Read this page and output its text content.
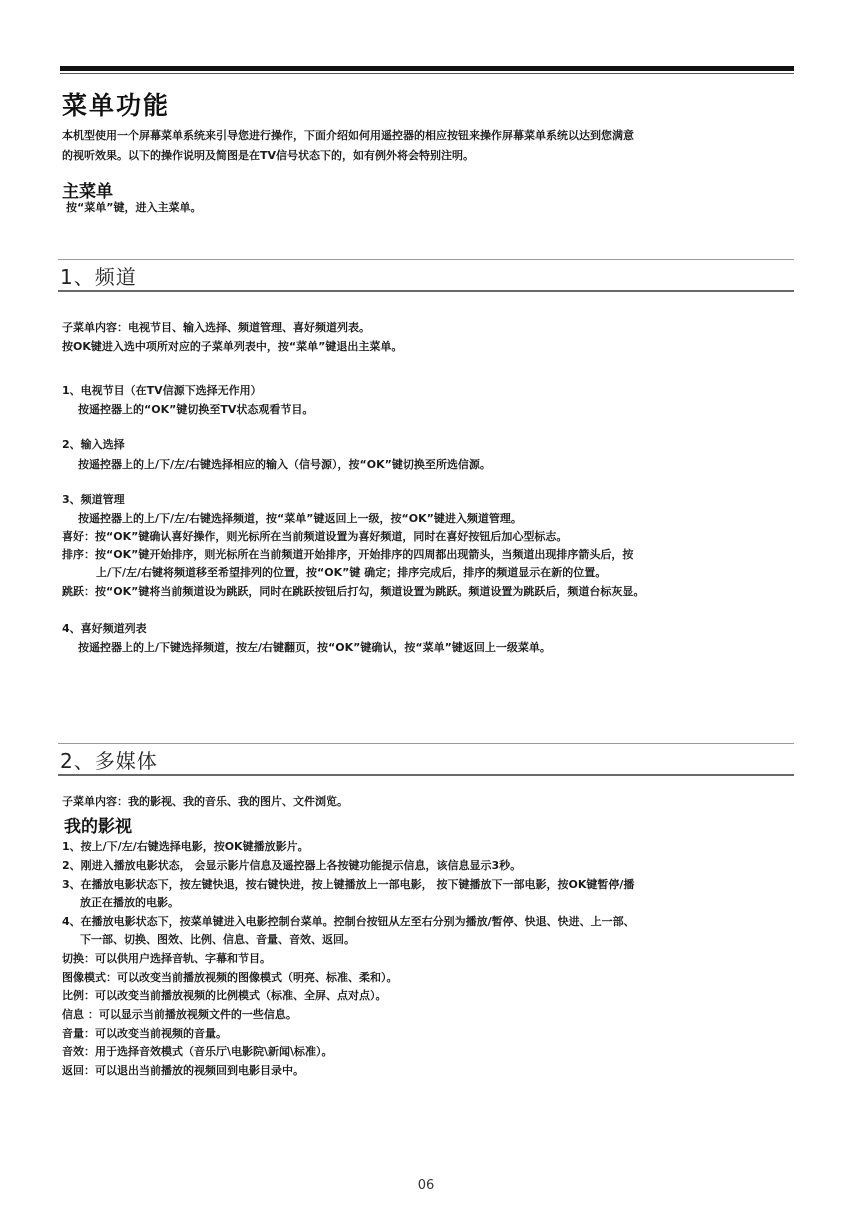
菜单功能

本机型使用一个屏幕菜单系统来引导您进行操作，下面介绍如何用遥控器的相应按钮来操作屏幕菜单系统以达到您满意

的视听效果。以下的操作说明及简图是在TV信号状态下的，如有例外将会特别注明。

主菜单

按“菜单”键，进入主菜单。

1、频道

子菜单内容：电视节目、输入选择、频道管理、喜好频道列表。

按OK键进入选中项所对应的子菜单列表中，按“菜单”键退出主菜单。

1、电视节目（在TV信源下选择无作用）

按遥控器上的“OK”键切换至TV状态观看节目。

2、输入选择

按遥控器上的上/下/左/右键选择相应的输入（信号源），按“OK”键切换至所选信源。

3、频道管理

按遥控器上的上/下/左/右键选择频道，按“菜单”键返回上一级，按“OK”键进入频道管理。

喜好：按“OK”键确认喜好操作，则光标所在当前频道设置为喜好频道，同时在喜好按钮后加心型标志。

排序：按“OK”键开始排序，则光标所在当前频道开始排序，开始排序的四周都出现箭头，当频道出现排序箭头后，按

上/下/左/右键将频道移至希望排列的位置，按“OK”键 确定；排序完成后，排序的频道显示在新的位置。

跳跃：按“OK”键将当前频道设为跳跃，同时在跳跃按钮后打勾，频道设置为跳跃。频道设置为跳跃后，频道台标灰显。

4、喜好频道列表

按遥控器上的上/下键选择频道，按左/右键翻页，按“OK”键确认，按“菜单”键返回上一级菜单。

2、多媒体

子菜单内容：我的影视、我的音乐、我的图片、文件浏览。

我的影视

1、按上/下/左/右键选择电影，按OK键播放影片。

2、刚进入播放电影状态， 会显示影片信息及遥控器上各按键功能提示信息，该信息显示3秒。

3、在播放电影状态下，按左键快退，按右键快进，按上键播放上一部电影， 按下键播放下一部电影，按OK键暂停/播

放正在播放的电影。

4、在播放电影状态下，按菜单键进入电影控制台菜单。控制台按钮从左至右分别为播放/暂停、快退、快进、上一部、

下一部、切换、图效、比例、信息、音量、音效、返回。

切换：可以供用户选择音轨、字幕和节目。

图像模式：可以改变当前播放视频的图像模式（明亮、标准、柔和）。

比例：可以改变当前播放视频的比例模式（标准、全屏、点对点）。

信息 ：可以显示当前播放视频文件的一些信息。

音量：可以改变当前视频的音量。

音效：用于选择音效模式（音乐厅\电影院\新闻\标准）。

返回：可以退出当前播放的视频回到电影目录中。

06
